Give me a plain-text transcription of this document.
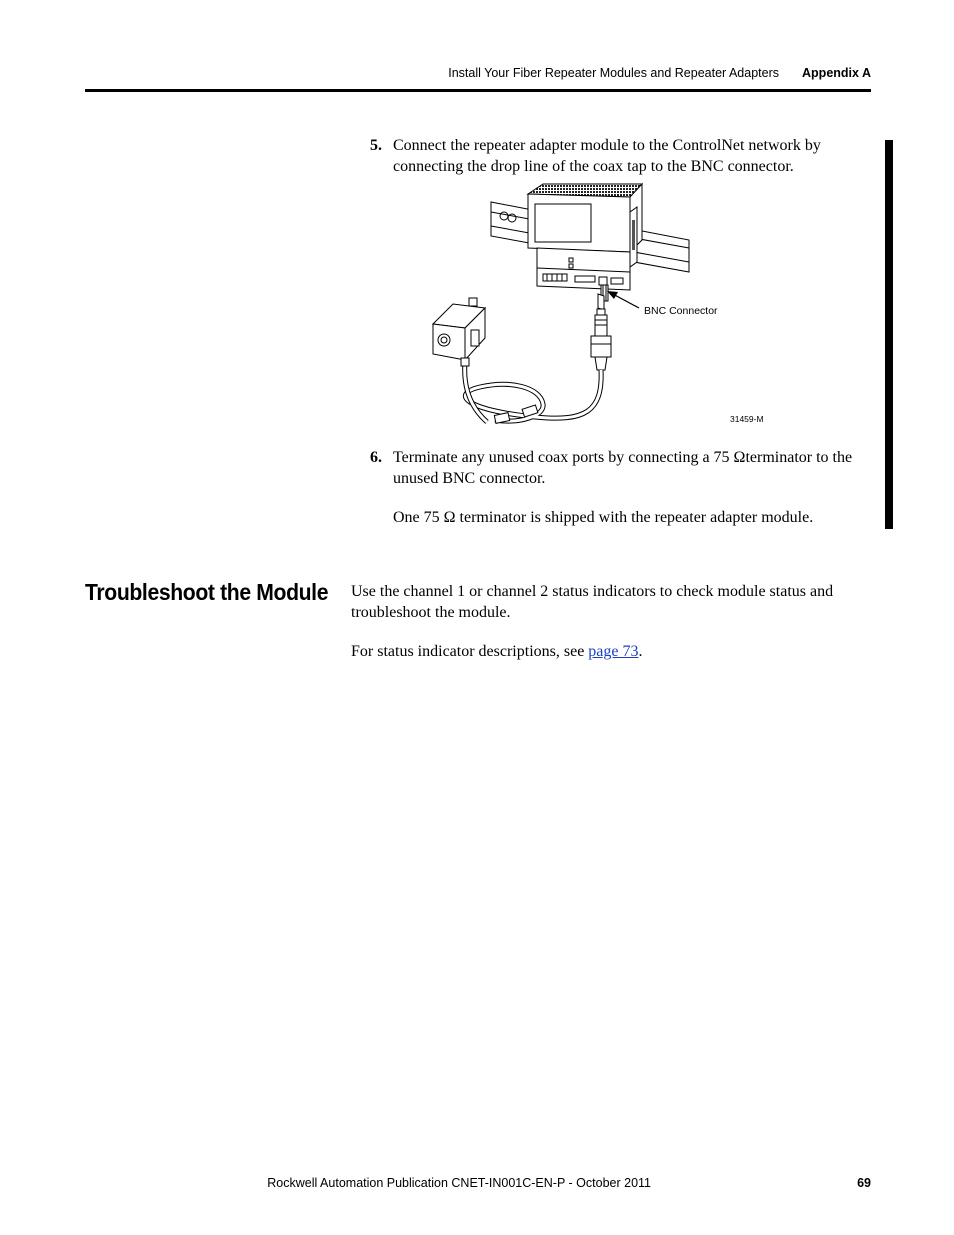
Install Your Fiber Repeater Modules and Repeater Adapters Appendix A
5. Connect the repeater adapter module to the ControlNet network by connecting the drop line of the coax tap to the BNC connector.
BNC Connector
31459-M
6. Terminate any unused coax ports by connecting a 75 Ωterminator to the unused BNC connector.
One 75 Ω terminator is shipped with the repeater adapter module.
Troubleshoot the Module Use the channel 1 or channel 2 status indicators to check module status and troubleshoot the module.
For status indicator descriptions, see page 73.
Rockwell Automation Publication CNET-IN001C-EN-P - October 2011	69
